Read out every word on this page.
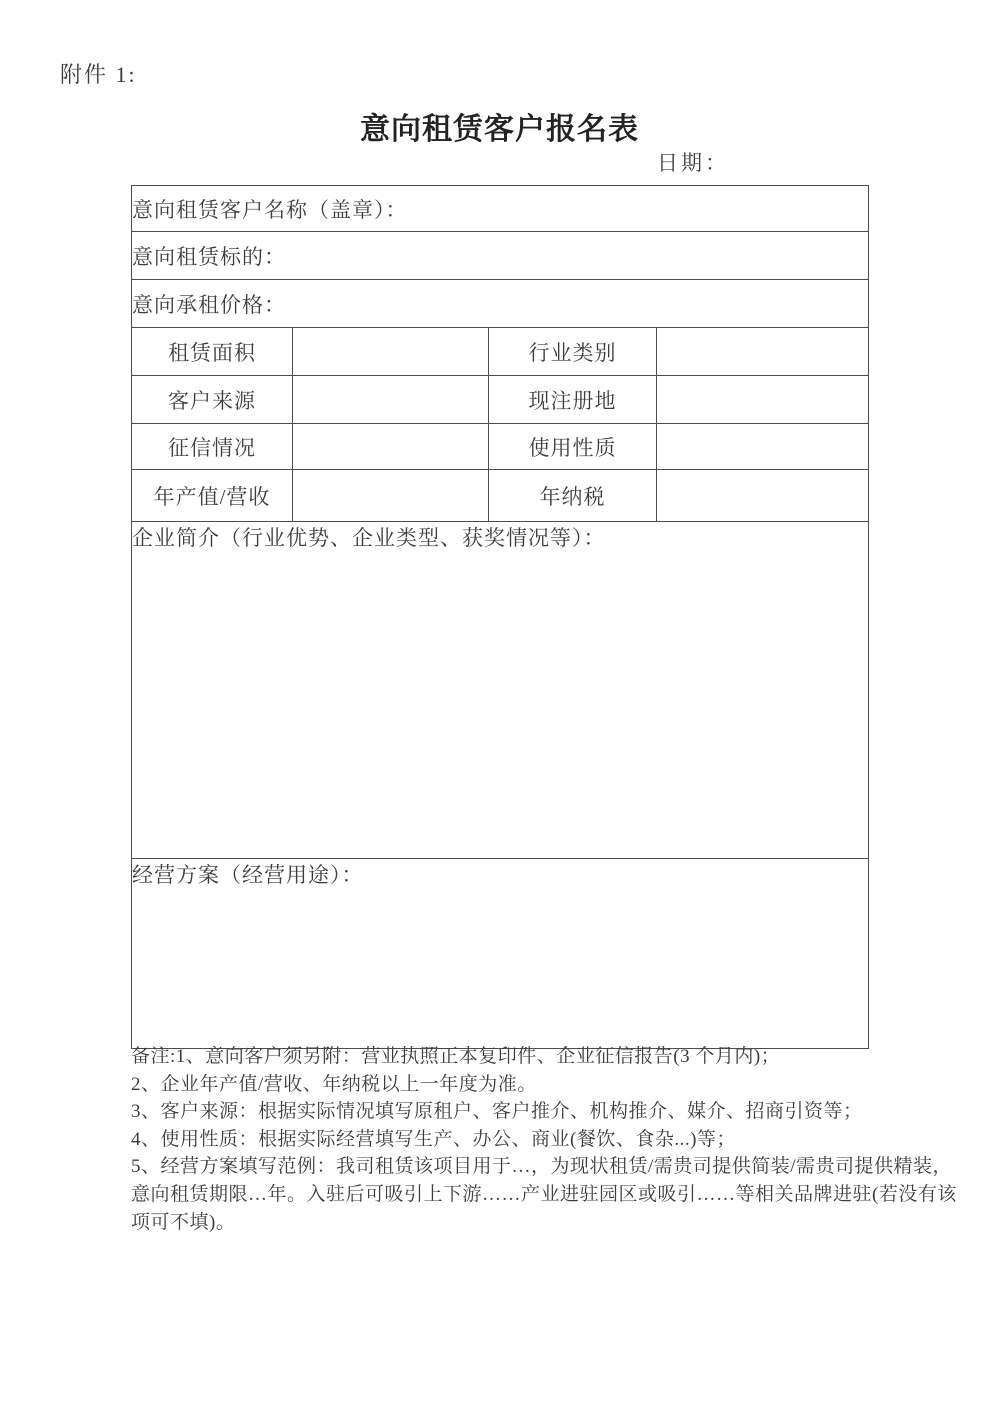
附件 1:
意向租赁客户报名表
日期：
意向租赁客户名称（盖章）：			
意向租赁标的：			
意向承租价格：			
租赁面积		行业类别	
客户来源		现注册地	
征信情况		使用性质	
年产值/营收		年纳税	
企业简介（行业优势、企业类型、获奖情况等）：			
经营方案（经营用途）：			
备注:1、意向客户须另附：营业执照正本复印件、企业征信报告(3 个月内)；
2、企业年产值/营收、年纳税以上一年度为准。
3、客户来源：根据实际情况填写原租户、客户推介、机构推介、媒介、招商引资等；
4、使用性质：根据实际经营填写生产、办公、商业(餐饮、食杂...)等；
5、经营方案填写范例：我司租赁该项目用于…，为现状租赁/需贵司提供简装/需贵司提供精装，
意向租赁期限…年。入驻后可吸引上下游……产业进驻园区或吸引……等相关品牌进驻(若没有该
项可不填)。
